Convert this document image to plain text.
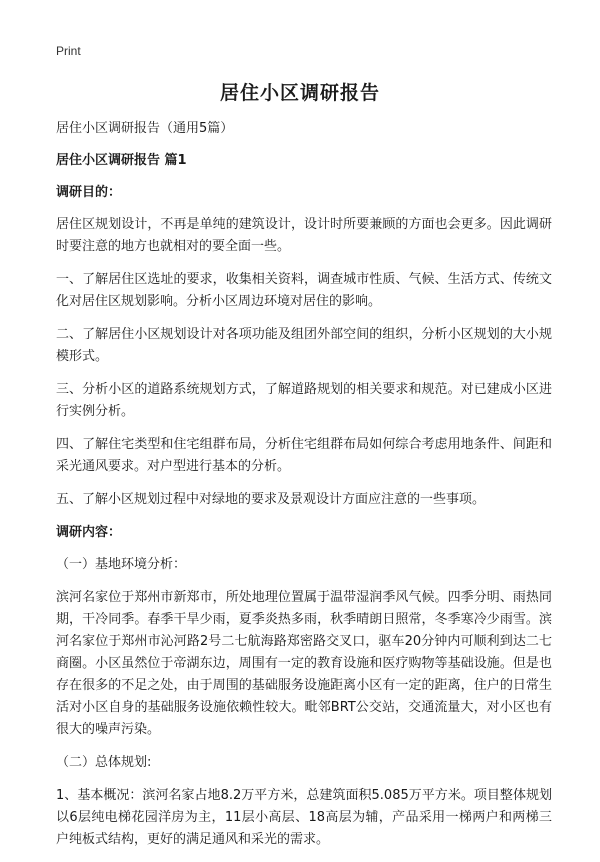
Print
居住小区调研报告

居住小区调研报告（通用5篇）

居住小区调研报告 篇1

调研目的：

居住区规划设计，不再是单纯的建筑设计，设计时所要兼顾的方面也会更多。因此调研时要注意的地方也就相对的要全面一些。

一、了解居住区选址的要求，收集相关资料，调查城市性质、气候、生活方式、传统文化对居住区规划影响。分析小区周边环境对居住的影响。

二、了解居住小区规划设计对各项功能及组团外部空间的组织，分析小区规划的大小规模形式。

三、分析小区的道路系统规划方式，了解道路规划的相关要求和规范。对已建成小区进行实例分析。

四、了解住宅类型和住宅组群布局，分析住宅组群布局如何综合考虑用地条件、间距和采光通风要求。对户型进行基本的分析。

五、了解小区规划过程中对绿地的要求及景观设计方面应注意的一些事项。

调研内容：

（一）基地环境分析：

滨河名家位于郑州市新郑市，所处地理位置属于温带湿润季风气候。四季分明、雨热同期，干冷同季。春季干旱少雨，夏季炎热多雨，秋季晴朗日照常，冬季寒冷少雨雪。滨河名家位于郑州市沁河路2号二七航海路郑密路交叉口，驱车20分钟内可顺利到达二七商圈。小区虽然位于帝湖东边，周围有一定的教育设施和医疗购物等基础设施。但是也存在很多的不足之处，由于周围的基础服务设施距离小区有一定的距离，住户的日常生活对小区自身的基础服务设施依赖性较大。毗邻BRT公交站，交通流量大，对小区也有很大的噪声污染。

（二）总体规划:

1、基本概况：滨河名家占地8.2万平方米，总建筑面积5.085万平方米。项目整体规划以6层纯电梯花园洋房为主，11层小高层、18高层为辅，产品采用一梯两户和两梯三户纯板式结构，更好的满足通风和采光的需求。
